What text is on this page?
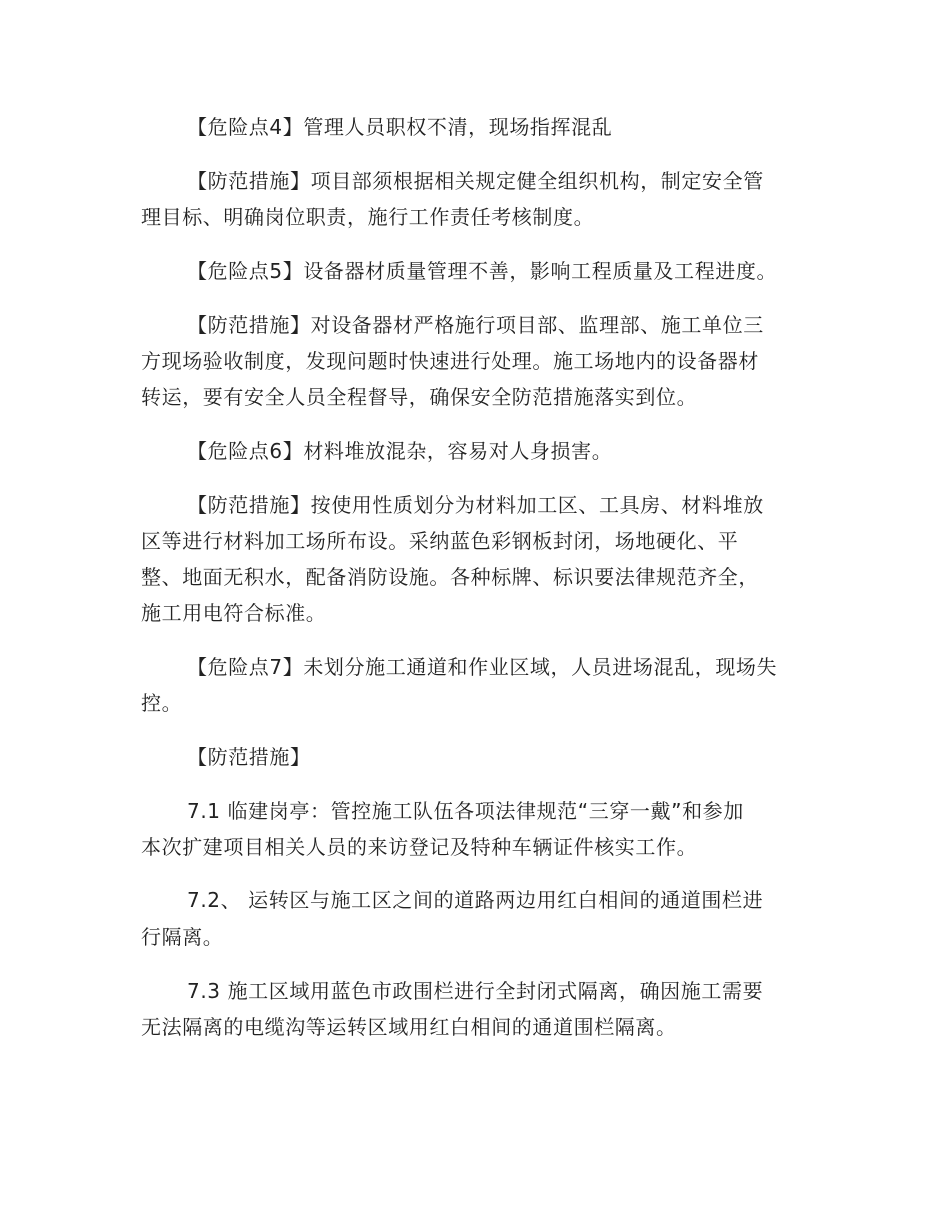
【危险点4】管理人员职权不清，现场指挥混乱
【防范措施】项目部须根据相关规定健全组织机构，制定安全管
理目标、明确岗位职责，施行工作责任考核制度。
【危险点5】设备器材质量管理不善，影响工程质量及工程进度。
【防范措施】对设备器材严格施行项目部、监理部、施工单位三
方现场验收制度，发现问题时快速进行处理。施工场地内的设备器材
转运，要有安全人员全程督导，确保安全防范措施落实到位。
【危险点6】材料堆放混杂，容易对人身损害。
【防范措施】按使用性质划分为材料加工区、工具房、材料堆放
区等进行材料加工场所布设。采纳蓝色彩钢板封闭，场地硬化、平
整、地面无积水，配备消防设施。各种标牌、标识要法律规范齐全，
施工用电符合标准。
【危险点7】未划分施工通道和作业区域，人员进场混乱，现场失
控。
【防范措施】
7.1 临建岗亭：管控施工队伍各项法律规范“三穿一戴”和参加
本次扩建项目相关人员的来访登记及特种车辆证件核实工作。
7.2、 运转区与施工区之间的道路两边用红白相间的通道围栏进
行隔离。
7.3 施工区域用蓝色市政围栏进行全封闭式隔离，确因施工需要
无法隔离的电缆沟等运转区域用红白相间的通道围栏隔离。
